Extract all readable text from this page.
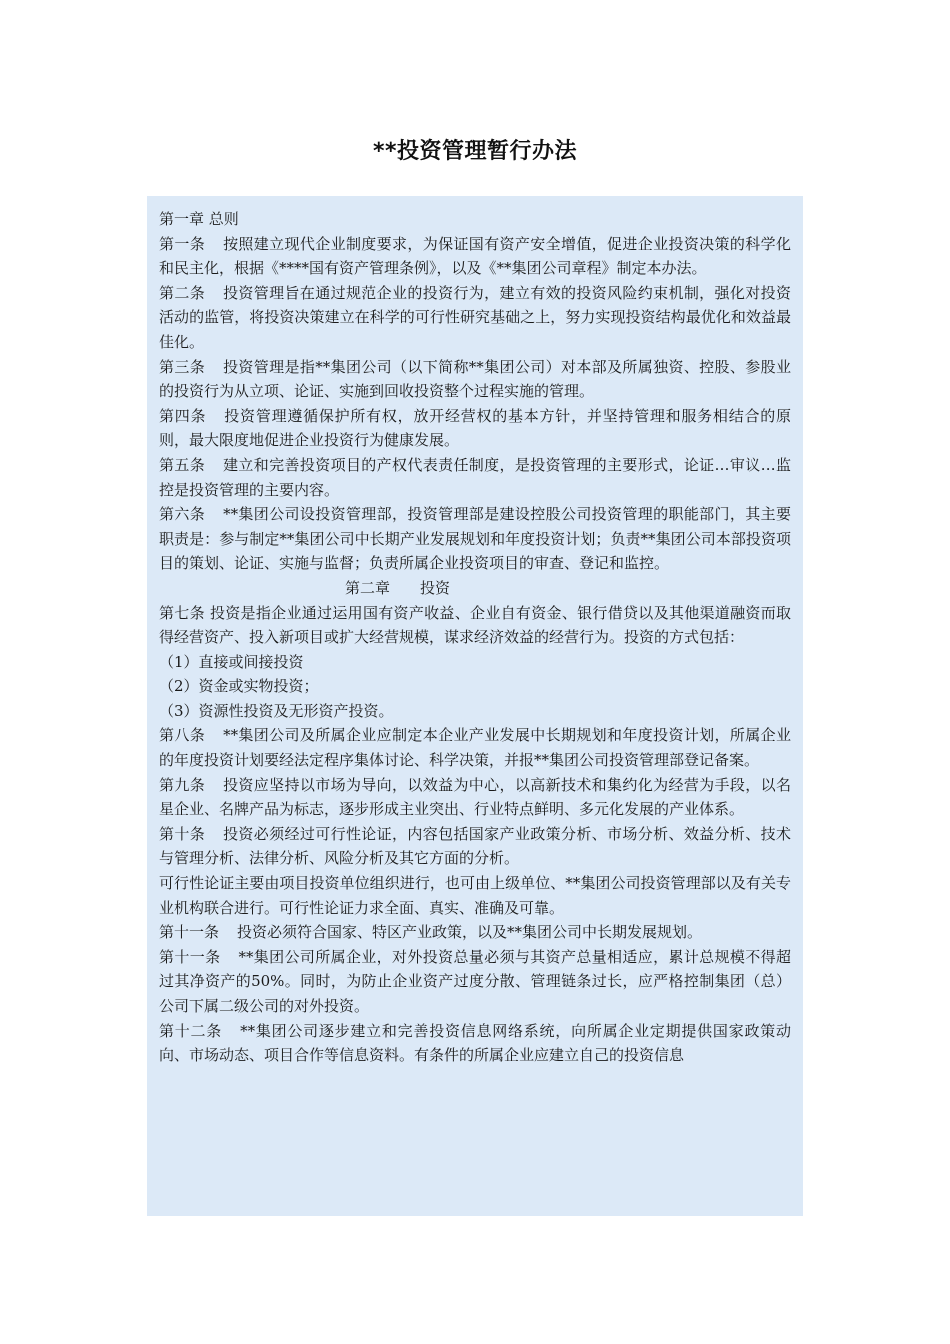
**投资管理暂行办法

第一章 总则

第一条 按照建立现代企业制度要求，为保证国有资产安全增值，促进企业投资决策的科学化和民主化，根据《****国有资产管理条例》，以及《**集团公司章程》制定本办法。

第二条 投资管理旨在通过规范企业的投资行为，建立有效的投资风险约束机制，强化对投资活动的监管，将投资决策建立在科学的可行性研究基础之上，努力实现投资结构最优化和效益最佳化。

第三条 投资管理是指**集团公司（以下简称**集团公司）对本部及所属独资、控股、参股业的投资行为从立项、论证、实施到回收投资整个过程实施的管理。

第四条 投资管理遵循保护所有权，放开经营权的基本方针，并坚持管理和服务相结合的原则，最大限度地促进企业投资行为健康发展。

第五条 建立和完善投资项目的产权代表责任制度，是投资管理的主要形式，论证…审议…监控是投资管理的主要内容。

第六条 **集团公司设投资管理部，投资管理部是建设控股公司投资管理的职能部门，其主要职责是：参与制定**集团公司中长期产业发展规划和年度投资计划；负责**集团公司本部投资项目的策划、论证、实施与监督；负责所属企业投资项目的审查、登记和监控。

第二章　　投资

第七条 投资是指企业通过运用国有资产收益、企业自有资金、银行借贷以及其他渠道融资而取得经营资产、投入新项目或扩大经营规模，谋求经济效益的经营行为。投资的方式包括：

（1）直接或间接投资

（2）资金或实物投资；

（3）资源性投资及无形资产投资。

第八条 **集团公司及所属企业应制定本企业产业发展中长期规划和年度投资计划，所属企业的年度投资计划要经法定程序集体讨论、科学决策，并报**集团公司投资管理部登记备案。

第九条 投资应坚持以市场为导向，以效益为中心，以高新技术和集约化为经营为手段，以名星企业、名牌产品为标志，逐步形成主业突出、行业特点鲜明、多元化发展的产业体系。

第十条 投资必须经过可行性论证，内容包括国家产业政策分析、市场分析、效益分析、技术与管理分析、法律分析、风险分析及其它方面的分析。

可行性论证主要由项目投资单位组织进行，也可由上级单位、**集团公司投资管理部以及有关专业机构联合进行。可行性论证力求全面、真实、准确及可靠。

第十一条 投资必须符合国家、特区产业政策，以及**集团公司中长期发展规划。

第十一条 **集团公司所属企业，对外投资总量必须与其资产总量相适应，累计总规模不得超过其净资产的50%。同时，为防止企业资产过度分散、管理链条过长，应严格控制集团（总）公司下属二级公司的对外投资。

第十二条 **集团公司逐步建立和完善投资信息网络系统，向所属企业定期提供国家政策动向、市场动态、项目合作等信息资料。有条件的所属企业应建立自己的投资信息
